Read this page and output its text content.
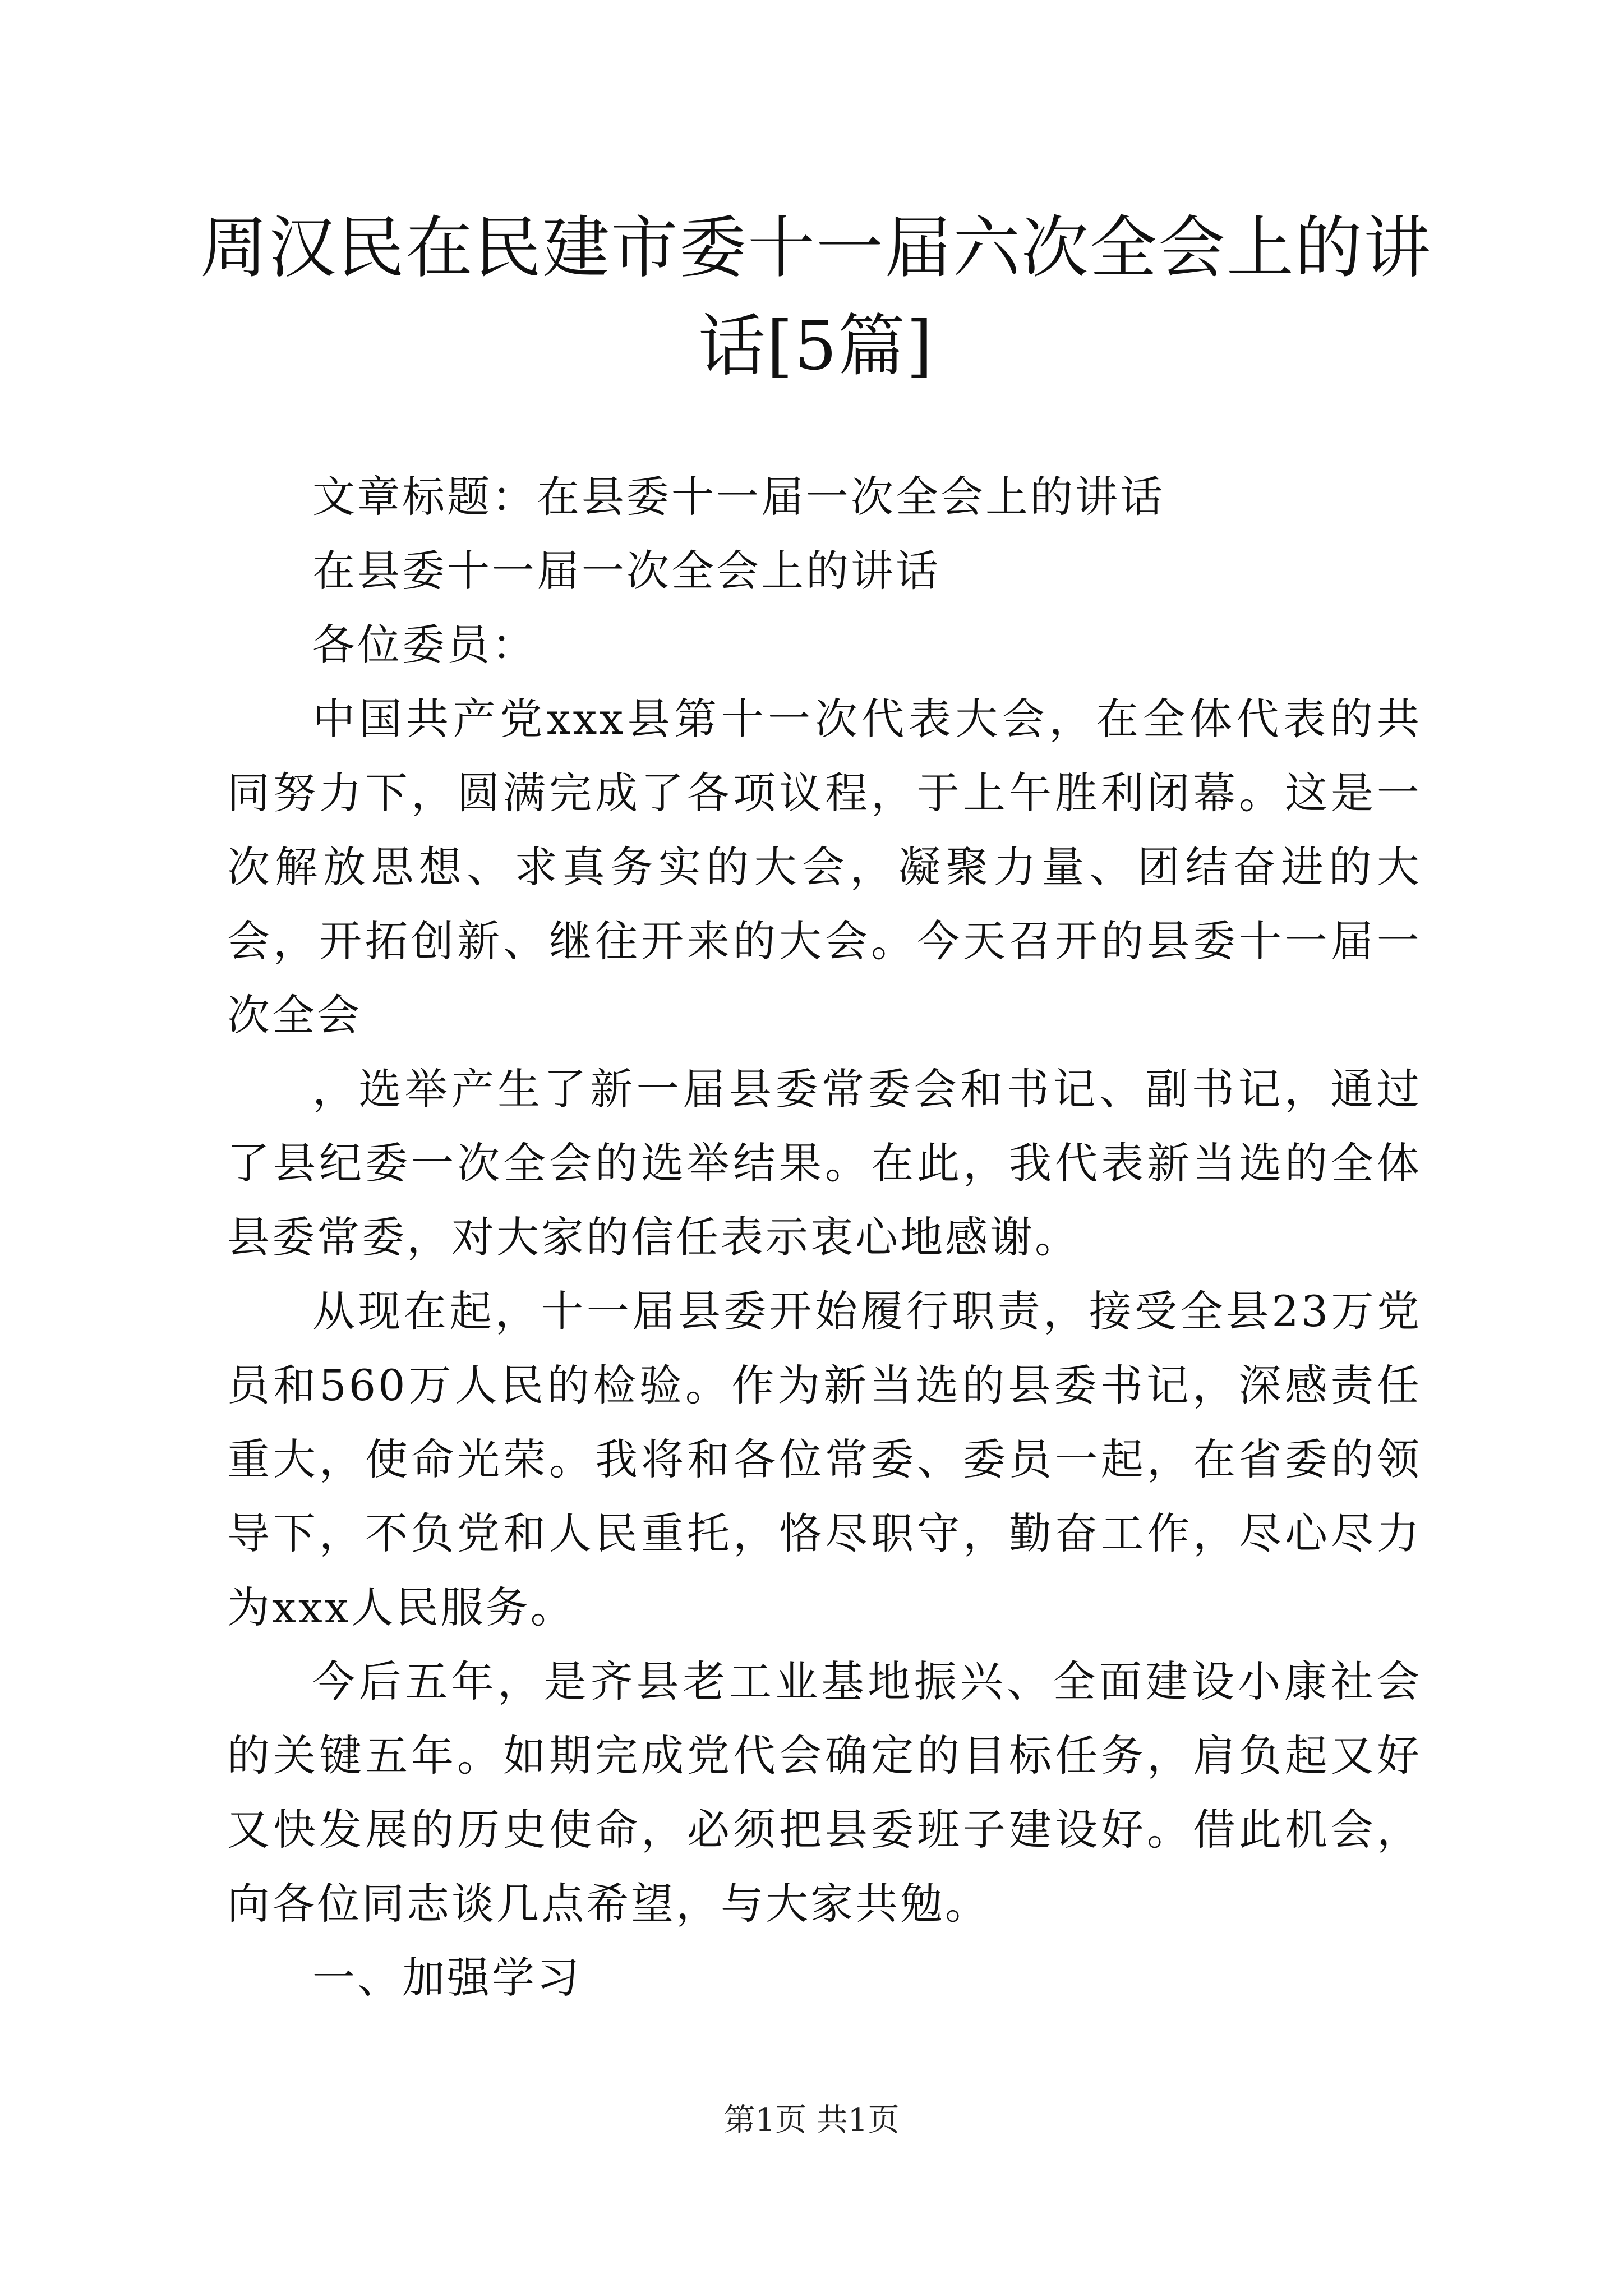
周汉民在民建市委十一届六次全会上的讲话[5篇]

文章标题：在县委十一届一次全会上的讲话

在县委十一届一次全会上的讲话

各位委员：

中国共产党xxx县第十一次代表大会，在全体代表的共同努力下，圆满完成了各项议程，于上午胜利闭幕。这是一次解放思想、求真务实的大会，凝聚力量、团结奋进的大会，开拓创新、继往开来的大会。今天召开的县委十一届一次全会

，选举产生了新一届县委常委会和书记、副书记，通过了县纪委一次全会的选举结果。在此，我代表新当选的全体县委常委，对大家的信任表示衷心地感谢。

从现在起，十一届县委开始履行职责，接受全县23万党员和560万人民的检验。作为新当选的县委书记，深感责任重大，使命光荣。我将和各位常委、委员一起，在省委的领导下，不负党和人民重托，恪尽职守，勤奋工作，尽心尽力为xxx人民服务。

今后五年，是齐县老工业基地振兴、全面建设小康社会的关键五年。如期完成党代会确定的目标任务，肩负起又好又快发展的历史使命，必须把县委班子建设好。借此机会，向各位同志谈几点希望，与大家共勉。

一、加强学习

第1页 共1页
